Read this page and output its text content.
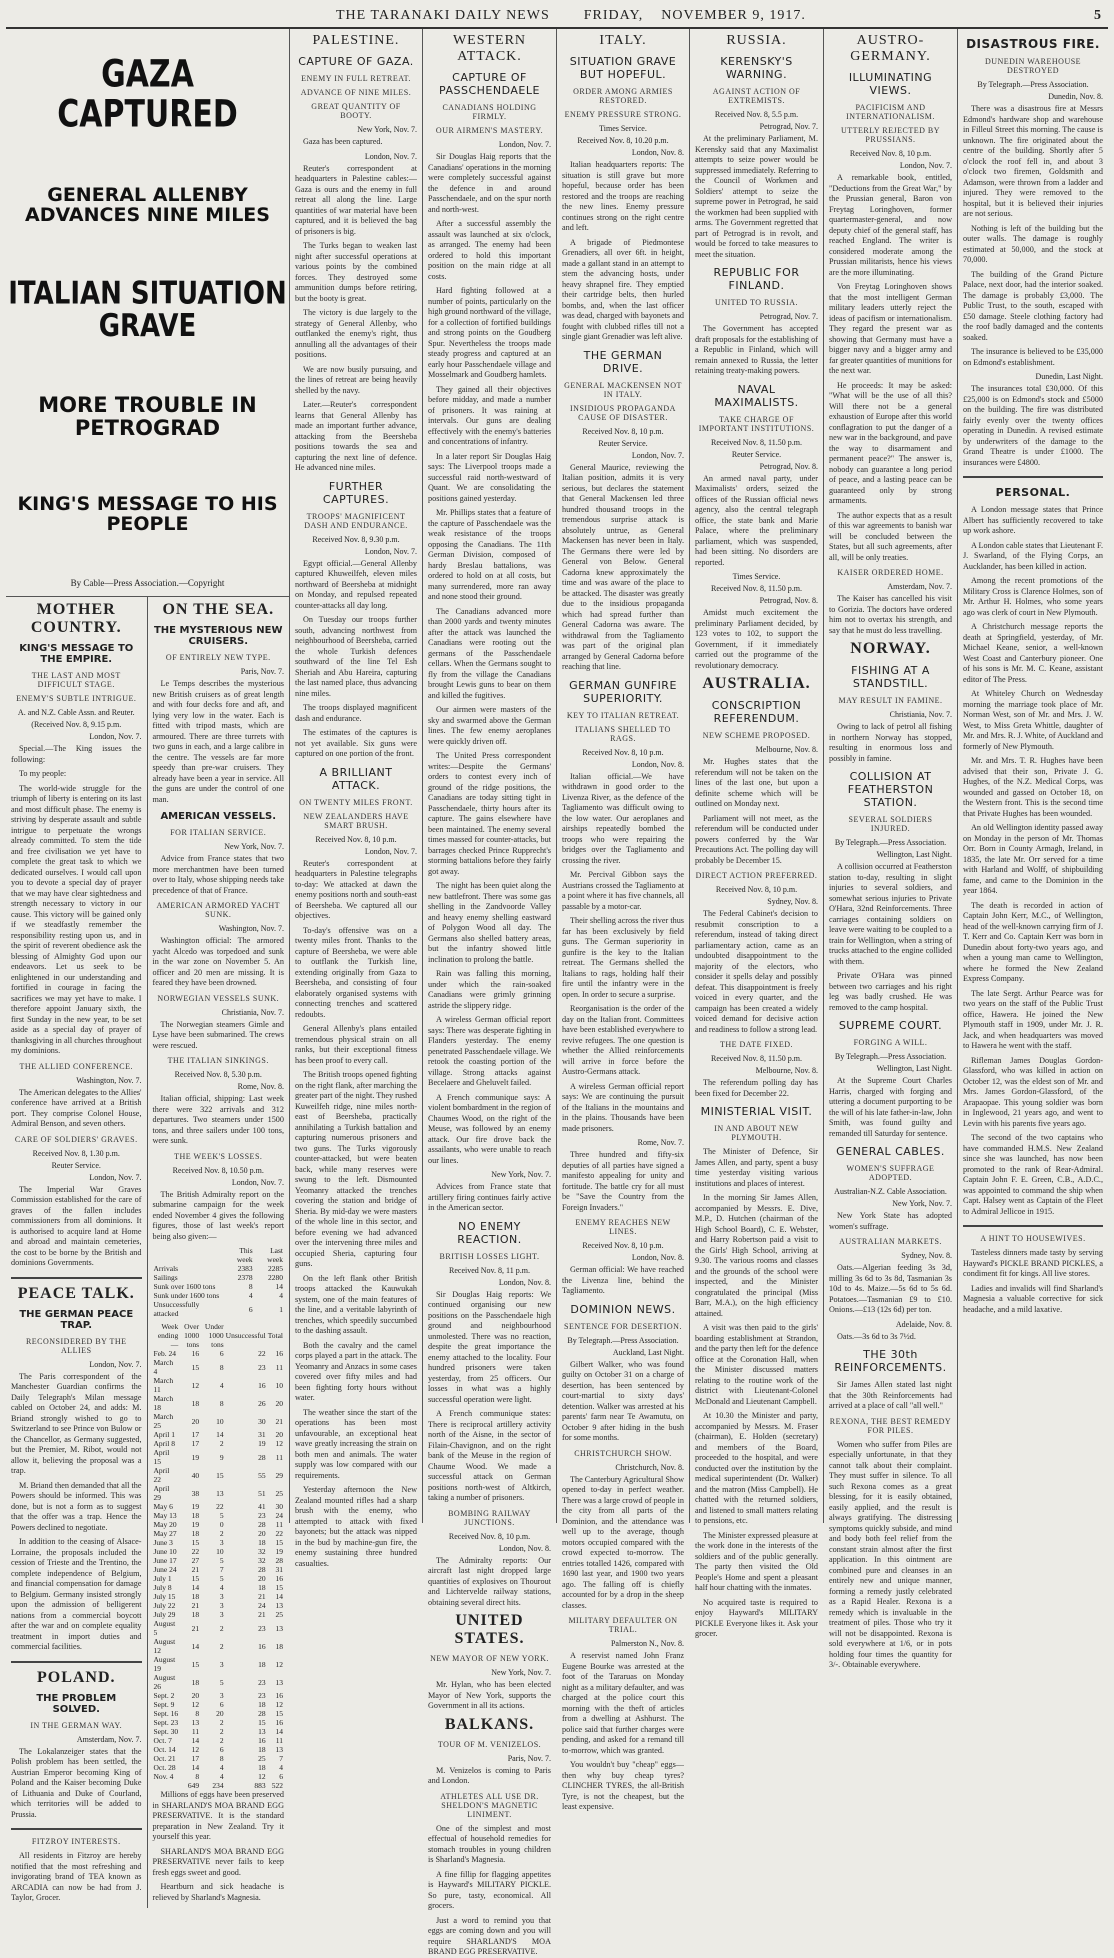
THE TARANAKI DAILY NEWS FRIDAY, NOVEMBER 9, 1917.	5
GAZA CAPTURED
GENERAL ALLENBY ADVANCES NINE MILES
ITALIAN SITUATION GRAVE
MORE TROUBLE IN PETROGRAD
KING'S MESSAGE TO HIS PEOPLE
By Cable—Press Association.—Copyright
MOTHER COUNTRY.
KING'S MESSAGE TO THE EMPIRE.
THE LAST AND MOST DIFFICULT STAGE.
ENEMY'S SUBTLE INTRIGUE.
A. and N.Z. Cable Assn. and Reuter.
(Received Nov. 8, 9.15 p.m.
London, Nov. 7.

Special.—The King issues the following:

To my people:

The world-wide struggle for the triumph of liberty is entering on its last and most difficult phase. The enemy is striving by desperate assault and subtle intrigue to perpetuate the wrongs already committed. To stem the tide and free civilisation we yet have to complete the great task to which we dedicated ourselves. I would call upon you to devote a special day of prayer that we may have clear sightedness and strength necessary to victory in our cause. This victory will be gained only if we steadfastly remember the responsibility resting upon us, and in the spirit of reverent obedience ask the blessing of Almighty God upon our endeavors. Let us seek to be enlightened in our understanding and fortified in courage in facing the sacrifices we may yet have to make. I therefore appoint January sixth, the first Sunday in the new year, to be set aside as a special day of prayer of thanksgiving in all churches throughout my dominions.

THE ALLIED CONFERENCE.
Washington, Nov. 7.

The American delegates to the Allies' conference have arrived at a British port. They comprise Colonel House, Admiral Benson, and seven others.

CARE OF SOLDIERS' GRAVES.
Received Nov. 8, 1.30 p.m.
Reuter Service.
London, Nov. 7.

The Imperial War Graves Commission established for the care of graves of the fallen includes commissioners from all dominions. It is authorised to acquire land at Home and abroad and maintain cemeteries, the cost to be borne by the British and dominions Governments.

PEACE TALK.
THE GERMAN PEACE TRAP.
RECONSIDERED BY THE ALLIES
London, Nov. 7.

The Paris correspondent of the Manchester Guardian confirms the Daily Telegraph's Milan message cabled on October 24, and adds: M. Briand strongly wished to go to Switzerland to see Prince von Bulow or the Chancellor, as Germany suggested, but the Premier, M. Ribot, would not allow it, believing the proposal was a trap.

M. Briand then demanded that all the Powers should be informed. This was done, but is not a form as to suggest that the offer was a trap. Hence the Powers declined to negotiate.

In addition to the ceasing of Alsace-Lorraine, the proposals included the cession of Trieste and the Trentino, the complete independence of Belgium, and financial compensation for damage to Belgium. Germany insisted strongly upon the admission of belligerent nations from a commercial boycott after the war and on complete equality treatment in import duties and commercial facilities.

POLAND.
THE PROBLEM SOLVED.
IN THE GERMAN WAY.
Amsterdam, Nov. 7.

The Lokalanzeiger states that the Polish problem has been settled, the Austrian Emperor becoming King of Poland and the Kaiser becoming Duke of Lithuania and Duke of Courland, which territories will be added to Prussia.

FITZROY INTERESTS.

All residents in Fitzroy are hereby notified that the most refreshing and invigorating brand of TEA known as ARCADIA can now be had from J. Taylor, Grocer.

ON THE SEA.
THE MYSTERIOUS NEW CRUISERS.
OF ENTIRELY NEW TYPE.
Paris, Nov. 7.

Le Temps describes the mysterious new British cruisers as of great length and with four decks fore and aft, and lying very low in the water. Each is fitted with tripod masts, which are armoured. There are three turrets with two guns in each, and a large calibre in the centre. The vessels are far more speedy than pre-war cruisers. They already have been a year in service. All the guns are under the control of one man.

AMERICAN VESSELS.
FOR ITALIAN SERVICE.
New York, Nov. 7.

Advice from France states that two more merchantmen have been turned over to Italy, whose shipping needs take precedence of that of France.

AMERICAN ARMORED YACHT SUNK.
Washington, Nov. 7.

Washington official: The armored yacht Alcedo was torpedoed and sunk in the war zone on November 5. An officer and 20 men are missing. It is feared they have been drowned.

NORWEGIAN VESSELS SUNK.
Christiania, Nov. 7.

The Norwegian steamers Gimle and Lyse have been submarined. The crews were rescued.

THE ITALIAN SINKINGS.
Received Nov. 8, 5.30 p.m.
Rome, Nov. 8.

Italian official, shipping: Last week there were 322 arrivals and 312 departures. Two steamers under 1500 tons, and three sailers under 100 tons, were sunk.

THE WEEK'S LOSSES.
Received Nov. 8, 10.50 p.m.
London, Nov. 7.

The British Admiralty report on the submarine campaign for the week ended November 4 gives the following figures, those of last week's report being also given:—

	This week	Last week
Arrivals	2383	2285
Sailings	2378	2280
Sunk over 1600 tons	8	14
Sunk under 1600 tons	4	4
Unsuccessfully attacked	6	1
Week ending—	Over 1000 tons	Under 1000 tons	Unsuccessful	Total
Feb. 24	16	6	22	16
March 4	15	8	23	11
March 11	12	4	16	10
March 18	18	8	26	20
March 25	20	10	30	21
April 1	17	14	31	20
April 8	17	2	19	12
April 15	19	9	28	11
April 22	40	15	55	29
April 29	38	13	51	25
May 6	19	22	41	30
May 13	18	5	23	24
May 20	19	0	28	11
May 27	18	2	20	22
June 3	15	3	18	15
June 10	22	10	32	19
June 17	27	5	32	28
June 24	21	7	28	31
July 1	15	5	20	16
July 8	14	4	18	15
July 15	18	3	21	14
July 22	21	3	24	13
July 29	18	3	21	25
August 5	21	2	23	13
August 12	14	2	16	18
August 19	15	3	18	12
August 26	18	5	23	13
Sept. 2	20	3	23	16
Sept. 9	12	6	18	12
Sept. 16	8	20	28	15
Sept. 23	13	2	15	16
Sept. 30	11	2	13	14
Oct. 7	14	2	16	11
Oct. 14	12	6	18	13
Oct. 21	17	8	25	7
Oct. 28	14	4	18	4
Nov. 4	8	4	12	6
	649	234	883	522

Millions of eggs have been preserved in SHARLAND'S MOA BRAND EGG PRESERVATIVE. It is the standard preparation in New Zealand. Try it yourself this year.

SHARLAND'S MOA BRAND EGG PRESERVATIVE never fails to keep fresh eggs sweet and good.

Heartburn and sick headache is relieved by Sharland's Magnesia.

PALESTINE.
CAPTURE OF GAZA.
ENEMY IN FULL RETREAT.
ADVANCE OF NINE MILES.
GREAT QUANTITY OF BOOTY.
New York, Nov. 7.

Gaza has been captured.

London, Nov. 7.

Reuter's correspondent at headquarters in Palestine cables:—Gaza is ours and the enemy in full retreat all along the line. Large quantities of war material have been captured, and it is believed the bag of prisoners is big.

The Turks began to weaken last night after successful operations at various points by the combined forces. They destroyed some ammunition dumps before retiring, but the booty is great.

The victory is due largely to the strategy of General Allenby, who outflanked the enemy's right, thus annulling all the advantages of their positions.

We are now busily pursuing, and the lines of retreat are being heavily shelled by the navy.

Later.—Reuter's correspondent learns that General Allenby has made an important further advance, attacking from the Beersheba positions towards the sea and capturing the next line of defence. He advanced nine miles.

FURTHER CAPTURES.
TROOPS' MAGNIFICENT DASH AND ENDURANCE.
Received Nov. 8, 9.30 p.m.
London, Nov. 7.

Egypt official.—General Allenby captured Khuweilfeh, eleven miles northward of Beersheba at midnight on Monday, and repulsed repeated counter-attacks all day long.

On Tuesday our troops further south, advancing northwest from neighbourhood of Beersheba, carried the whole Turkish defences southward of the line Tel Esh Sheriah and Abu Hareira, capturing the last named place, thus advancing nine miles.

The troops displayed magnificent dash and endurance.

The estimates of the captures is not yet available. Six guns were captured on one portion of the front.

A BRILLIANT ATTACK.
ON TWENTY MILES FRONT.
NEW ZEALANDERS HAVE SMART BRUSH.
Received Nov. 8, 10 p.m.
London, Nov. 7.

Reuter's correspondent at headquarters in Palestine telegraphs to-day: We attacked at dawn the enemy positions north and south-east of Beersheba. We captured all our objectives.

To-day's offensive was on a twenty miles front. Thanks to the capture of Beersheba, we were able to outflank the Turkish line, extending originally from Gaza to Beersheba, and consisting of four elaborately organised systems with connecting trenches and scattered redoubts.

General Allenby's plans entailed tremendous physical strain on all ranks, but their exceptional fitness has been proof to every call.

The British troops opened fighting on the right flank, after marching the greater part of the night. They rushed Kuweilfeh ridge, nine miles north-east of Beersheba, practically annihilating a Turkish battalion and capturing numerous prisoners and two guns. The Turks vigorously counter-attacked, but were beaten back, while many reserves were swung to the left. Dismounted Yeomanry attacked the trenches covering the station and bridge of Sheria. By mid-day we were masters of the whole line in this sector, and before evening we had advanced over the intervening three miles and occupied Sheria, capturing four guns.

On the left flank other British troops attacked the Kauwukah system, one of the main features of the line, and a veritable labyrinth of trenches, which speedily succumbed to the dashing assault.

Both the cavalry and the camel corps played a part in the attack. The Yeomanry and Anzacs in some cases covered over fifty miles and had been fighting forty hours without water.

The weather since the start of the operations has been most unfavourable, an exceptional heat wave greatly increasing the strain on both men and animals. The water supply was low compared with our requirements.

Yesterday afternoon the New Zealand mounted rifles had a sharp brush with the enemy, who attempted to attack with fixed bayonets; but the attack was nipped in the bud by machine-gun fire, the enemy sustaining three hundred casualties.

WESTERN ATTACK.
CAPTURE OF PASSCHENDAELE
CANADIANS HOLDING FIRMLY.
OUR AIRMEN'S MASTERY.
London, Nov. 7.

Sir Douglas Haig reports that the Canadians' operations in the morning were completely successful against the defence in and around Passchendaele, and on the spur north and north-west.

After a successful assembly the assault was launched at six o'clock, as arranged. The enemy had been ordered to hold this important position on the main ridge at all costs.

Hard fighting followed at a number of points, particularly on the high ground northward of the village, for a collection of fortified buildings and strong points on the Goudberg Spur. Nevertheless the troops made steady progress and captured at an early hour Passchendaele village and Mosselmark and Goudberg hamlets.

They gained all their objectives before midday, and made a number of prisoners. It was raining at intervals. Our guns are dealing effectively with the enemy's batteries and concentrations of infantry.

In a later report Sir Douglas Haig says: The Liverpool troops made a successful raid north-westward of Quant. We are consolidating the positions gained yesterday.

Mr. Phillips states that a feature of the capture of Passchendaele was the weak resistance of the troops opposing the Canadians. The 11th German Division, composed of hardy Breslau battalions, was ordered to hold on at all costs, but many surrendered, more ran away and none stood their ground.

The Canadians advanced more than 2000 yards and twenty minutes after the attack was launched the Canadians were rooting out the germans of the Passchendaele cellars. When the Germans sought to fly from the village the Canadians brought Lewis guns to bear on them and killed the fugitives.

Our airmen were masters of the sky and swarmed above the German lines. The few enemy aeroplanes were quickly driven off.

The United Press correspondent writes:—Despite the Germans' orders to contest every inch of ground of the ridge positions, the Canadians are today sitting tight in Passchendaele, thirty hours after its capture. The gains elsewhere have been maintained. The enemy several times massed for counter-attacks, but barrages checked Prince Rupprecht's storming battalions before they fairly got away.

The night has been quiet along the new battlefront. There was some gas shelling in the Zandvoorde Valley and heavy enemy shelling eastward of Polygon Wood all day. The Germans also shelled battery areas, but the infantry showed little inclination to prolong the battle.

Rain was falling this morning, under which the rain-soaked Canadians were grimly grinning astride the slippery ridge.

A wireless German official report says: There was desperate fighting in Flanders yesterday. The enemy penetrated Passchendaele village. We retook the coasting portion of the village. Strong attacks against Becelaere and Gheluvelt failed.

A French communique says: A violent bombardment in the region of Chaumes Wood, on the right of the Meuse, was followed by an enemy attack. Our fire drove back the assailants, who were unable to reach our lines.

New York, Nov. 7.

Advices from France state that artillery firing continues fairly active in the American sector.

NO ENEMY REACTION.
BRITISH LOSSES LIGHT.
Received Nov. 8, 11 p.m.
London, Nov. 8.

Sir Douglas Haig reports: We continued organising our new positions on the Passchendaele high ground and neighbourhood unmolested. There was no reaction, despite the great importance the enemy attached to the locality. Four hundred prisoners were taken yesterday, from 25 officers. Our losses in what was a highly successful operation were light.

A French communique states: There is reciprocal artillery activity north of the Aisne, in the sector of Filain-Chavignon, and on the right bank of the Meuse in the region of Chaume Wood. We made a successful attack on German positions north-west of Altkirch, taking a number of prisoners.

BOMBING RAILWAY JUNCTIONS.
Received Nov. 8, 10 p.m.
London, Nov. 8.

The Admiralty reports: Our aircraft last night dropped large quantities of explosives on Thourout and Lichtervelde railway stations, obtaining several direct hits.

UNITED STATES.
NEW MAYOR OF NEW YORK.
New York, Nov. 7.

Mr. Hylan, who has been elected Mayor of New York, supports the Government in all its actions.

BALKANS.
TOUR OF M. VENIZELOS.
Paris, Nov. 7.

M. Venizelos is coming to Paris and London.

ATHLETES ALL USE DR. SHELDON'S MAGNETIC LINIMENT.

One of the simplest and most effectual of household remedies for stomach troubles in young children is Sharland's Magnesia.

A fine fillip for flagging appetites is Hayward's MILITARY PICKLE. So pure, tasty, economical. All grocers.

Just a word to remind you that eggs are coming down and you will require SHARLAND'S MOA BRAND EGG PRESERVATIVE.

ITALY.
SITUATION GRAVE BUT HOPEFUL.
ORDER AMONG ARMIES RESTORED.
ENEMY PRESSURE STRONG.
Times Service.
Received Nov. 8, 10.20 p.m.
London, Nov. 8.

Italian headquarters reports: The situation is still grave but more hopeful, because order has been restored and the troops are reaching the new lines. Enemy pressure continues strong on the right centre and left.

A brigade of Piedmontese Grenadiers, all over 6ft. in height, made a gallant stand in an attempt to stem the advancing hosts, under heavy shrapnel fire. They emptied their cartridge belts, then hurled bombs, and, when the last officer was dead, charged with bayonets and fought with clubbed rifles till not a single giant Grenadier was left alive.

THE GERMAN DRIVE.
GENERAL MACKENSEN NOT IN ITALY.
INSIDIOUS PROPAGANDA CAUSE OF DISASTER.
Received Nov. 8, 10 p.m.
Reuter Service.
London, Nov. 7.

General Maurice, reviewing the Italian position, admits it is very serious, but declares the statement that General Mackensen led three hundred thousand troops in the tremendous surprise attack is absolutely untrue, as General Mackensen has never been in Italy. The Germans there were led by General von Below. General Cadorna knew approximately the time and was aware of the place to be attacked. The disaster was greatly due to the insidious propaganda which had spread further than General Cadorna was aware. The withdrawal from the Tagliamento was part of the original plan arranged by General Cadorna before reaching that line.

GERMAN GUNFIRE SUPERIORITY.
KEY TO ITALIAN RETREAT.
ITALIANS SHELLED TO RAGS.
Received Nov. 8, 10 p.m.
London, Nov. 8.

Italian official.—We have withdrawn in good order to the Livenza River, as the defence of the Tagliamento was difficult owing to the low water. Our aeroplanes and airships repeatedly bombed the troops who were repairing the bridges over the Tagliamento and crossing the river.

Mr. Percival Gibbon says the Austrians crossed the Tagliamento at a point where it has five channels, all passable by a motor-car.

Their shelling across the river thus far has been exclusively by field guns. The German superiority in gunfire is the key to the Italian retreat. The Germans shelled the Italians to rags, holding half their fire until the infantry were in the open. In order to secure a surprise.

Reorganisation is the order of the day on the Italian front. Committees have been established everywhere to revive refugees. The one question is whether the Allied reinforcements will arrive in force before the Austro-Germans attack.

A wireless German official report says: We are continuing the pursuit of the Italians in the mountains and in the plains. Thousands have been made prisoners.

Rome, Nov. 7.

Three hundred and fifty-six deputies of all parties have signed a manifesto appealing for unity and fortitude. The battle cry for all must be "Save the Country from the Foreign Invaders."

ENEMY REACHES NEW LINES.
Received Nov. 8, 10 p.m.
London, Nov. 8.

German official: We have reached the Livenza line, behind the Tagliamento.

DOMINION NEWS.
SENTENCE FOR DESERTION.
By Telegraph.—Press Association.
Auckland, Last Night.

Gilbert Walker, who was found guilty on October 31 on a charge of desertion, has been sentenced by court-martial to sixty days' detention. Walker was arrested at his parents' farm near Te Awamutu, on October 9 after hiding in the bush for some months.

CHRISTCHURCH SHOW.
Christchurch, Nov. 8.

The Canterbury Agricultural Show opened to-day in perfect weather. There was a large crowd of people in the city from all parts of the Dominion, and the attendance was well up to the average, though motors occupied compared with the crowd expected to-morrow. The entries totalled 1426, compared with 1690 last year, and 1900 two years ago. The falling off is chiefly accounted for by a drop in the sheep classes.

MILITARY DEFAULTER ON TRIAL.
Palmerston N., Nov. 8.

A reservist named John Franz Eugene Bourke was arrested at the foot of the Tararuas on Monday night as a military defaulter, and was charged at the police court this morning with the theft of articles from a dwelling at Ashhurst. The police said that further charges were pending, and asked for a remand till to-morrow, which was granted.

You wouldn't buy "cheap" eggs—then why buy cheap tyres? CLINCHER TYRES, the all-British Tyre, is not the cheapest, but the least expensive.

RUSSIA.
KERENSKY'S WARNING.
AGAINST ACTION OF EXTREMISTS.
Received Nov. 8, 5.5 p.m.
Petrograd, Nov. 7.

At the preliminary Parliament, M. Kerensky said that any Maximalist attempts to seize power would be suppressed immediately. Referring to the Council of Workmen and Soldiers' attempt to seize the supreme power in Petrograd, he said the workmen had been supplied with arms. The Government regretted that part of Petrograd is in revolt, and would be forced to take measures to meet the situation.

REPUBLIC FOR FINLAND.
UNITED TO RUSSIA.
Petrograd, Nov. 7.

The Government has accepted draft proposals for the establishing of a Republic in Finland, which will remain annexed to Russia, the letter retaining treaty-making powers.

NAVAL MAXIMALISTS.
TAKE CHARGE OF IMPORTANT INSTITUTIONS.
Received Nov. 8, 11.50 p.m.
Reuter Service.
Petrograd, Nov. 8.

An armed naval party, under Maximalists' orders, seized the offices of the Russian official news agency, also the central telegraph office, the state bank and Marie Palace, where the preliminary parliament, which was suspended, had been sitting. No disorders are reported.

Times Service.
Received Nov. 8, 11.50 p.m.
Petrograd, Nov. 8.

Amidst much excitement the preliminary Parliament decided, by 123 votes to 102, to support the Government, if it immediately carried out the programme of the revolutionary democracy.

AUSTRALIA.
CONSCRIPTION REFERENDUM.
NEW SCHEME PROPOSED.
Melbourne, Nov. 8.

Mr. Hughes states that the referendum will not be taken on the lines of the last one, but upon a definite scheme which will be outlined on Monday next.

Parliament will not meet, as the referendum will be conducted under powers conferred by the War Precautions Act. The polling day will probably be December 15.

DIRECT ACTION PREFERRED.
Received Nov. 8, 10 p.m.
Sydney, Nov. 8.

The Federal Cabinet's decision to resubmit conscription to a referendum, instead of taking direct parliamentary action, came as an undoubted disappointment to the majority of the electors, who consider it spells delay and possibly defeat. This disappointment is freely voiced in every quarter, and the campaign has been created a widely voiced demand for decisive action and readiness to follow a strong lead.

THE DATE FIXED.
Received Nov. 8, 11.50 p.m.
Melbourne, Nov. 8.

The referendum polling day has been fixed for December 22.

MINISTERIAL VISIT.
IN AND ABOUT NEW PLYMOUTH.

The Minister of Defence, Sir James Allen, and party, spent a busy time yesterday visiting various institutions and places of interest.

In the morning Sir James Allen, accompanied by Messrs. E. Dive, M.P., D. Hutchen (chairman of the High School Board), C. E. Webster, and Harry Robertson paid a visit to the Girls' High School, arriving at 9.30. The various rooms and classes and the grounds of the school were inspected, and the Minister congratulated the principal (Miss Barr, M.A.), on the high efficiency attained.

A visit was then paid to the girls' boarding establishment at Strandon, and the party then left for the defence office at the Coronation Hall, when the Minister discussed matters relating to the routine work of the district with Lieutenant-Colonel McDonald and Lieutenant Campbell.

At 10.30 the Minister and party, accompanied by Messrs. M. Fraser (chairman), E. Holden (secretary) and members of the Board, proceeded to the hospital, and were conducted over the institution by the medical superintendent (Dr. Walker) and the matron (Miss Campbell). He chatted with the returned soldiers, and listened to small matters relating to pensions, etc.

The Minister expressed pleasure at the work done in the interests of the soldiers and of the public generally. The party then visited the Old People's Home and spent a pleasant half hour chatting with the inmates.

No acquired taste is required to enjoy Hayward's MILITARY PICKLE Everyone likes it. Ask your grocer.

AUSTRO-GERMANY.
ILLUMINATING VIEWS.
PACIFICISM AND INTERNATIONALISM.
UTTERLY REJECTED BY PRUSSIANS.
Received Nov. 8, 10 p.m.
London, Nov. 7.

A remarkable book, entitled, "Deductions from the Great War," by the Prussian general, Baron von Freytag Loringhoven, former quartermaster-general, and now deputy chief of the general staff, has reached England. The writer is considered moderate among the Prussian militarists, hence his views are the more illuminating.

Von Freytag Loringhoven shows that the most intelligent German military leaders utterly reject the ideas of pacifism or internationalism. They regard the present war as showing that Germany must have a bigger navy and a bigger army and far greater quantities of munitions for the next war.

He proceeds: It may be asked: "What will be the use of all this? Will there not be a general exhaustion of Europe after this world conflagration to put the danger of a new war in the background, and pave the way to disarmament and permanent peace?" The answer is, nobody can guarantee a long period of peace, and a lasting peace can be guaranteed only by strong armaments.

The author expects that as a result of this war agreements to banish war will be concluded between the States, but all such agreements, after all, will be only treaties.

KAISER ORDERED HOME.
Amsterdam, Nov. 7.

The Kaiser has cancelled his visit to Gorizia. The doctors have ordered him not to overtax his strength, and say that he must do less travelling.

NORWAY.
FISHING AT A STANDSTILL.
MAY RESULT IN FAMINE.
Christiania, Nov. 7.

Owing to lack of petrol all fishing in northern Norway has stopped, resulting in enormous loss and possibly in famine.

COLLISION AT FEATHERSTON STATION.
SEVERAL SOLDIERS INJURED.
By Telegraph.—Press Association.
Wellington, Last Night.

A collision occurred at Featherston station to-day, resulting in slight injuries to several soldiers, and somewhat serious injuries to Private O'Hara, 32nd Reinforcements. Three carriages containing soldiers on leave were waiting to be coupled to a train for Wellington, when a string of trucks attached to the engine collided with them.

Private O'Hara was pinned between two carriages and his right leg was badly crushed. He was removed to the camp hospital.

SUPREME COURT.
FORGING A WILL.
By Telegraph.—Press Association.
Wellington, Last Night.

At the Supreme Court Charles Harris, charged with forging and uttering a document purporting to be the will of his late father-in-law, John Smith, was found guilty and remanded till Saturday for sentence.

GENERAL CABLES.
WOMEN'S SUFFRAGE ADOPTED.
Australian-N.Z. Cable Association.
New York, Nov. 7.

New York State has adopted women's suffrage.

AUSTRALIAN MARKETS.
Sydney, Nov. 8.

Oats.—Algerian feeding 3s 3d, milling 3s 6d to 3s 8d, Tasmanian 3s 10d to 4s. Maize.—5s 6d to 5s 6d. Potatoes.—Tasmanian £9 to £10. Onions.—£13 (12s 6d) per ton.

Adelaide, Nov. 8.

Oats.—3s 6d to 3s 7½d.

THE 30th REINFORCEMENTS.

Sir James Allen stated last night that the 30th Reinforcements had arrived at a place of call "all well."

REXONA, THE BEST REMEDY FOR PILES.

Women who suffer from Piles are especially unfortunate, in that they cannot talk about their complaint. They must suffer in silence. To all such Rexona comes as a great blessing, for it is easily obtained, easily applied, and the result is always gratifying. The distressing symptoms quickly subside, and mind and body both feel relief from the constant strain almost after the first application. In this ointment are combined pure and cleanses in an entirely new and unique manner, forming a remedy justly celebrated as a Rapid Healer. Rexona is a remedy which is invaluable in the treatment of piles. Those who try it will not be disappointed. Rexona is sold everywhere at 1/6, or in pots holding four times the quantity for 3/-. Obtainable everywhere.

DISASTROUS FIRE.
DUNEDIN WAREHOUSE DESTROYED
By Telegraph.—Press Association.
Dunedin, Nov. 8.

There was a disastrous fire at Messrs Edmond's hardware shop and warehouse in Filleul Street this morning. The cause is unknown. The fire originated about the centre of the building. Shortly after 5 o'clock the roof fell in, and about 3 o'clock two firemen, Goldsmith and Adamson, were thrown from a ladder and injured. They were removed to the hospital, but it is believed their injuries are not serious.

Nothing is left of the building but the outer walls. The damage is roughly estimated at 50,000, and the stock at 70,000.

The building of the Grand Picture Palace, next door, had the interior soaked. The damage is probably £3,000. The Public Trust, to the south, escaped with £50 damage. Steele clothing factory had the roof badly damaged and the contents soaked.

The insurance is believed to be £35,000 on Edmond's establishment.

Dunedin, Last Night.

The insurances total £30,000. Of this £25,000 is on Edmond's stock and £5000 on the building. The fire was distributed fairly evenly over the twenty offices operating in Dunedin. A revised estimate by underwriters of the damage to the Grand Theatre is under £1000. The insurances were £4800.

PERSONAL.

A London message states that Prince Albert has sufficiently recovered to take up work ashore.

A London cable states that Lieutenant F. J. Swarland, of the Flying Corps, an Aucklander, has been killed in action.

Among the recent promotions of the Military Cross is Clarence Holmes, son of Mr. Arthur H. Holmes, who some years ago was clerk of court in New Plymouth.

A Christchurch message reports the death at Springfield, yesterday, of Mr. Michael Keane, senior, a well-known West Coast and Canterbury pioneer. One of his sons is Mr. M. C. Keane, assistant editor of The Press.

At Whiteley Church on Wednesday morning the marriage took place of Mr. Norman West, son of Mr. and Mrs. J. W. West, to Miss Greta Whittle, daughter of Mr. and Mrs. R. J. White, of Auckland and formerly of New Plymouth.

Mr. and Mrs. T. R. Hughes have been advised that their son, Private J. G. Hughes, of the N.Z. Medical Corps, was wounded and gassed on October 18, on the Western front. This is the second time that Private Hughes has been wounded.

An old Wellington identity passed away on Monday in the person of Mr. Thomas Orr. Born in County Armagh, Ireland, in 1835, the late Mr. Orr served for a time with Harland and Wolff, of shipbuilding fame, and came to the Dominion in the year 1864.

The death is recorded in action of Captain John Kerr, M.C., of Wellington, head of the well-known carrying firm of J. T. Kerr and Co. Captain Kerr was born in Dunedin about forty-two years ago, and when a young man came to Wellington, where he formed the New Zealand Express Company.

The late Sergt. Arthur Pearce was for two years on the staff of the Public Trust office, Hawera. He joined the New Plymouth staff in 1909, under Mr. J. R. Jack, and when headquarters was moved to Hawera he went with the staff.

Rifleman James Douglas Gordon-Glassford, who was killed in action on October 12, was the eldest son of Mr. and Mrs. James Gordon-Glassford, of the Arapaopae. This young soldier was born in Inglewood, 21 years ago, and went to Levin with his parents five years ago.

The second of the two captains who have commanded H.M.S. New Zealand since she was launched, has now been promoted to the rank of Rear-Admiral. Captain John F. E. Green, C.B., A.D.C., was appointed to command the ship when Capt. Halsey went as Captain of the Fleet to Admiral Jellicoe in 1915.

A HINT TO HOUSEWIVES.

Tasteless dinners made tasty by serving Hayward's PICKLE BRAND PICKLES, a condiment fit for kings. All live stores.

Ladies and invalids will find Sharland's Magnesia a valuable corrective for sick headache, and a mild laxative.
